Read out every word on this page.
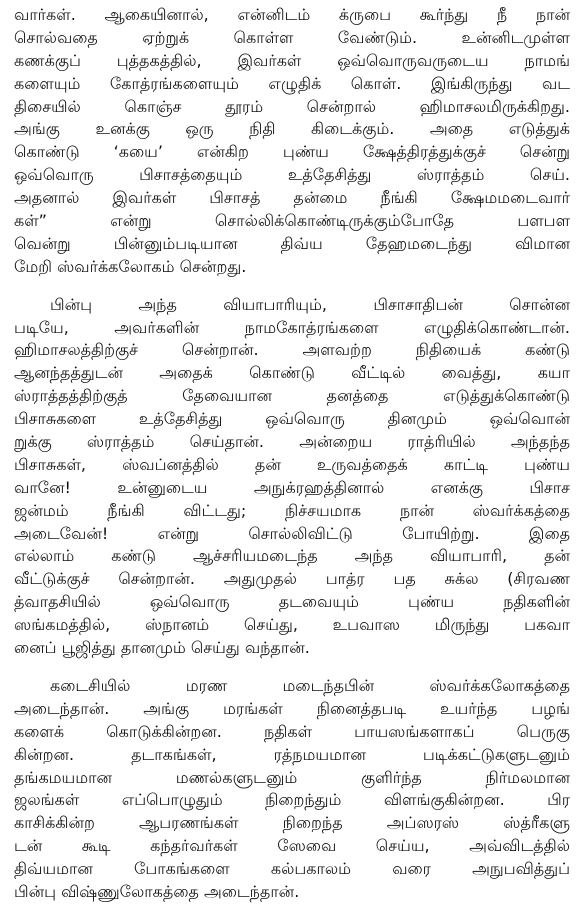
வார்கள். ஆகையினால், என்னிடம் க்ருபை கூர்ந்து நீ நான்
சொல்வதை ஏற்றுக் கொள்ள வேண்டும். உன்னிடமுள்ள
கணக்குப் புத்தகத்தில், இவர்கள் ஒவ்வொருவருடைய நாமங்
களையும் கோத்ரங்களையும் எழுதிக் கொள். இங்கிருந்து வட
திசையில் கொஞ்ச தூரம் சென்றால் ஹிமாசலமிருக்கிறது.
அங்கு உனக்கு ஒரு நிதி கிடைக்கும். அதை எடுத்துக்
கொண்டு ‘கயை’ என்கிற புண்ய க்ஷேத்திரத்துக்குச் சென்று
ஒவ்வொரு பிசாசத்தையும் உத்தேசித்து ஸ்ராத்தம் செய்.
அதனால் இவர்கள் பிசாசத் தன்மை நீங்கி க்ஷேமமடைவார்
கள்” என்று சொல்லிக்கொண்டிருக்கும்போதே பளபள
வென்று பின்னும்படியான திவ்ய தேஹமடைந்து விமான
மேறி ஸ்வர்க்கலோகம் சென்றது.
பின்பு அந்த வியாபாரியும், பிசாசாதிபன் சொன்ன
படியே, அவர்களின் நாமகோத்ரங்களை எழுதிக்கொண்டான்.
ஹிமாசலத்திற்குச் சென்றான். அளவற்ற நிதியைக் கண்டு
ஆனந்தத்துடன் அதைக் கொண்டு வீட்டில் வைத்து, கயா
ஸ்ராத்தத்திற்குத் தேவையான தனத்தை எடுத்துக்கொண்டு
பிசாசுகளை உத்தேசித்து ஒவ்வொரு தினமும் ஒவ்வொன்
றுக்கு ஸ்ராத்தம் செய்தான். அன்றைய ராத்ரியில் அந்தந்த
பிசாசுகள், ஸ்வப்னத்தில் தன் உருவத்தைக் காட்டி புண்ய
வானே! உன்னுடைய அநுக்ரஹத்தினால் எனக்கு பிசாச
ஜன்மம் நீங்கி விட்டது; நிச்சயமாக நான் ஸ்வர்க்கத்தை
அடைவேன்! என்று சொல்லிவிட்டு போயிற்று. இதை
எல்லாம் கண்டு ஆச்சரியமடைந்த அந்த வியாபாரி, தன்
வீட்டுக்குச் சென்றான். அதுமுதல் பாத்ர பத சுக்ல (சிரவண
த்வாதசியில் ஒவ்வொரு தடவையும் புண்ய நதிகளின்
ஸங்கமத்தில், ஸ்நானம் செய்து, உபவாஸ மிருந்து பகவா
னைப் பூஜித்து தானமும் செய்து வந்தான்.
கடைசியில் மரண மடைந்தபின் ஸ்வர்க்கலோகத்தை
அடைந்தான். அங்கு மரங்கள் நினைத்தபடி உயர்ந்த பழங்
களைக் கொடுக்கின்றன. நதிகள் பாயஸங்களாகப் பெருகு
கின்றன. தடாகங்கள், ரத்நமயமான படிக்கட்டுகளுடனும்
தங்கமயமான மணல்களுடனும் குளிர்ந்த நிர்மலமான
ஜலங்கள் எப்பொழுதும் நிறைந்தும் விளங்குகின்றன. பிர
காசிக்கின்ற ஆபரணங்கள் நிறைந்த அப்ஸரஸ் ஸ்த்ரீகளு
டன் கூடி கந்தர்வர்கள் ஸேவை செய்ய, அவ்விடத்தில்
திவ்யமான போகங்களை கல்பகாலம் வரை அநுபவித்துப்
பின்பு விஷ்ணுலோகத்தை அடைந்தான்.
